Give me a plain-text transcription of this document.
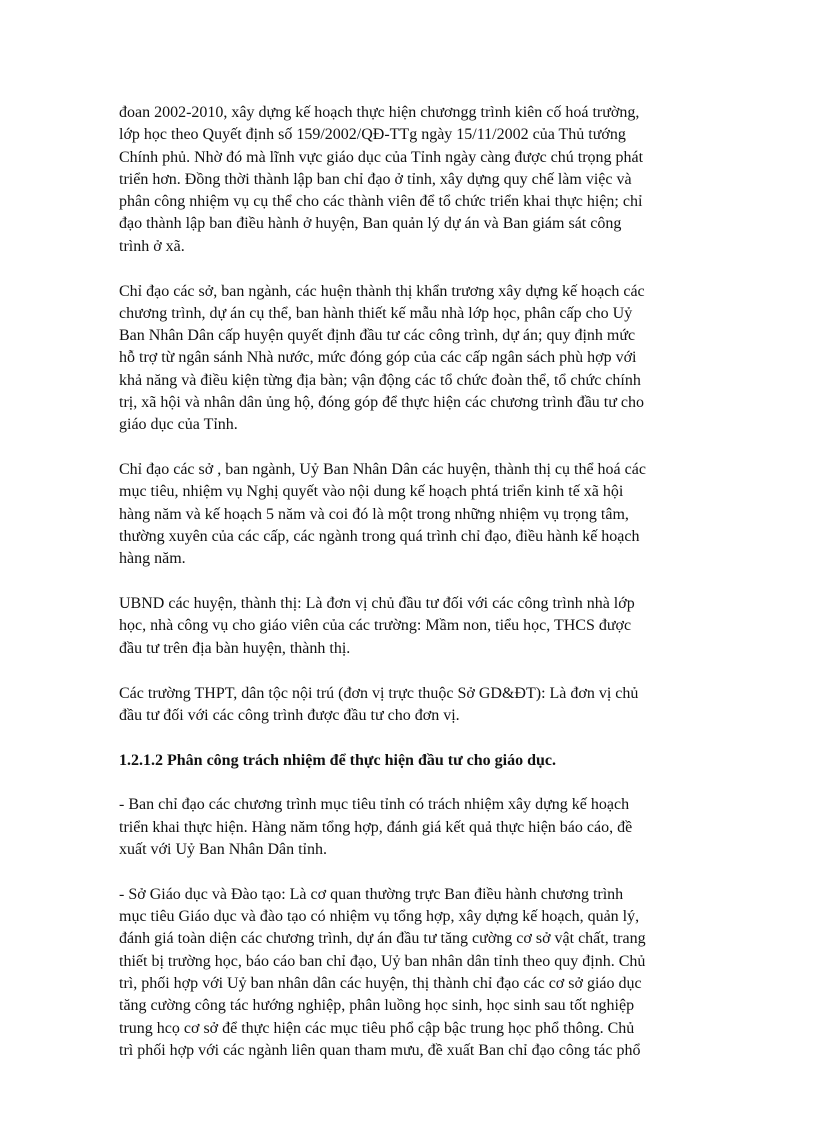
đoan 2002-2010, xây dựng kế hoạch thực hiện chươngg trình kiên cố hoá trường,
lớp học theo Quyết định số 159/2002/QĐ-TTg ngày 15/11/2002 của Thủ tướng
Chính phủ. Nhờ đó mà lĩnh vực giáo dục của Tỉnh ngày càng được chú trọng phát
triển hơn. Đồng thời thành lập ban chỉ đạo ở tỉnh, xây dựng quy chế làm việc và
phân công nhiệm vụ cụ thể cho các thành viên để tổ chức triển khai thực hiện; chỉ
đạo thành lập ban điều hành ở huyện, Ban quản lý dự án và Ban giám sát công
trình ở xã.
Chỉ đạo các sở, ban ngành, các huện thành thị khẩn trương xây dựng kế hoạch các
chương trình, dự án cụ thể, ban hành thiết kế mẫu nhà lớp học, phân cấp cho Uỷ
Ban Nhân Dân cấp huyện quyết định đầu tư các công trình, dự án; quy định mức
hỗ trợ từ ngân sánh Nhà nước, mức đóng góp của các cấp ngân sách phù hợp với
khả năng và điều kiện từng địa bàn; vận động các tổ chức đoàn thể, tổ chức chính
trị, xã hội và nhân dân ủng hộ, đóng góp để thực hiện các chương trình đầu tư cho
giáo dục của Tỉnh.
Chỉ đạo các sở , ban ngành, Uỷ Ban Nhân Dân các huyện, thành thị cụ thể hoá các
mục tiêu, nhiệm vụ Nghị quyết vào nội dung kế hoạch phtá triển kinh tế xã hội
hàng năm và kế hoạch 5 năm và coi đó là một trong những nhiệm vụ trọng tâm,
thường xuyên của các cấp, các ngành trong quá trình chỉ đạo, điều hành kế hoạch
hàng năm.
UBND các huyện, thành thị: Là đơn vị chủ đầu tư đối với các công trình nhà lớp
học, nhà công vụ cho giáo viên của các trường: Mầm non, tiểu học, THCS được
đầu tư trên địa bàn huyện, thành thị.
Các trường THPT, dân tộc nội trú (đơn vị trực thuộc Sở GD&ĐT): Là đơn vị chủ
đầu tư đối với các công trình được đầu tư cho đơn vị.
1.2.1.2 Phân công trách nhiệm để thực hiện đầu tư cho giáo dục.
- Ban chỉ đạo các chương trình mục tiêu tỉnh có trách nhiệm xây dựng kế hoạch
triển khai thực hiện. Hàng năm tổng hợp, đánh giá kết quả thực hiện báo cáo, đề
xuất với Uỷ Ban Nhân Dân tỉnh.
- Sở Giáo dục và Đào tạo: Là cơ quan thường trực Ban điều hành chương trình
mục tiêu Giáo dục và đào tạo có nhiệm vụ tổng hợp, xây dựng kế hoạch, quản lý,
đánh giá toàn diện các chương trình, dự án đầu tư tăng cường cơ sở vật chất, trang
thiết bị trường học, báo cáo ban chỉ đạo, Uỷ ban nhân dân tỉnh theo quy định. Chủ
trì, phối hợp với Uỷ ban nhân dân các huyện, thị thành chỉ đạo các cơ sở giáo dục
tăng cường công tác hướng nghiệp, phân luồng học sinh, học sinh sau tốt nghiệp
trung hcọ cơ sở để thực hiện các mục tiêu phổ cập bậc trung học phổ thông. Chủ
trì phối hợp với các ngành liên quan tham mưu, đề xuất Ban chỉ đạo công tác phổ
